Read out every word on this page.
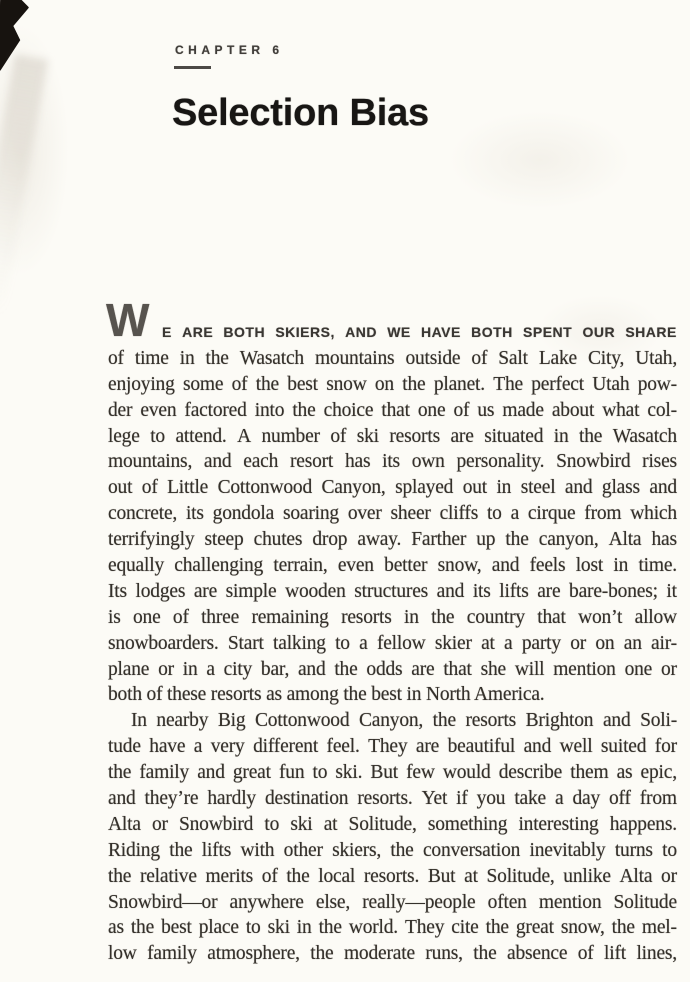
CHAPTER 6
Selection Bias
W E ARE BOTH SKIERS, AND WE HAVE BOTH SPENT OUR SHARE
of time in the Wasatch mountains outside of Salt Lake City, Utah,
enjoying some of the best snow on the planet. The perfect Utah pow-
der even factored into the choice that one of us made about what col-
lege to attend. A number of ski resorts are situated in the Wasatch
mountains, and each resort has its own personality. Snowbird rises
out of Little Cottonwood Canyon, splayed out in steel and glass and
concrete, its gondola soaring over sheer cliffs to a cirque from which
terrifyingly steep chutes drop away. Farther up the canyon, Alta has
equally challenging terrain, even better snow, and feels lost in time.
Its lodges are simple wooden structures and its lifts are bare-bones; it
is one of three remaining resorts in the country that won’t allow
snowboarders. Start talking to a fellow skier at a party or on an air-
plane or in a city bar, and the odds are that she will mention one or
both of these resorts as among the best in North America.
In nearby Big Cottonwood Canyon, the resorts Brighton and Soli-
tude have a very different feel. They are beautiful and well suited for
the family and great fun to ski. But few would describe them as epic,
and they’re hardly destination resorts. Yet if you take a day off from
Alta or Snowbird to ski at Solitude, something interesting happens.
Riding the lifts with other skiers, the conversation inevitably turns to
the relative merits of the local resorts. But at Solitude, unlike Alta or
Snowbird—or anywhere else, really—people often mention Solitude
as the best place to ski in the world. They cite the great snow, the mel-
low family atmosphere, the moderate runs, the absence of lift lines,
